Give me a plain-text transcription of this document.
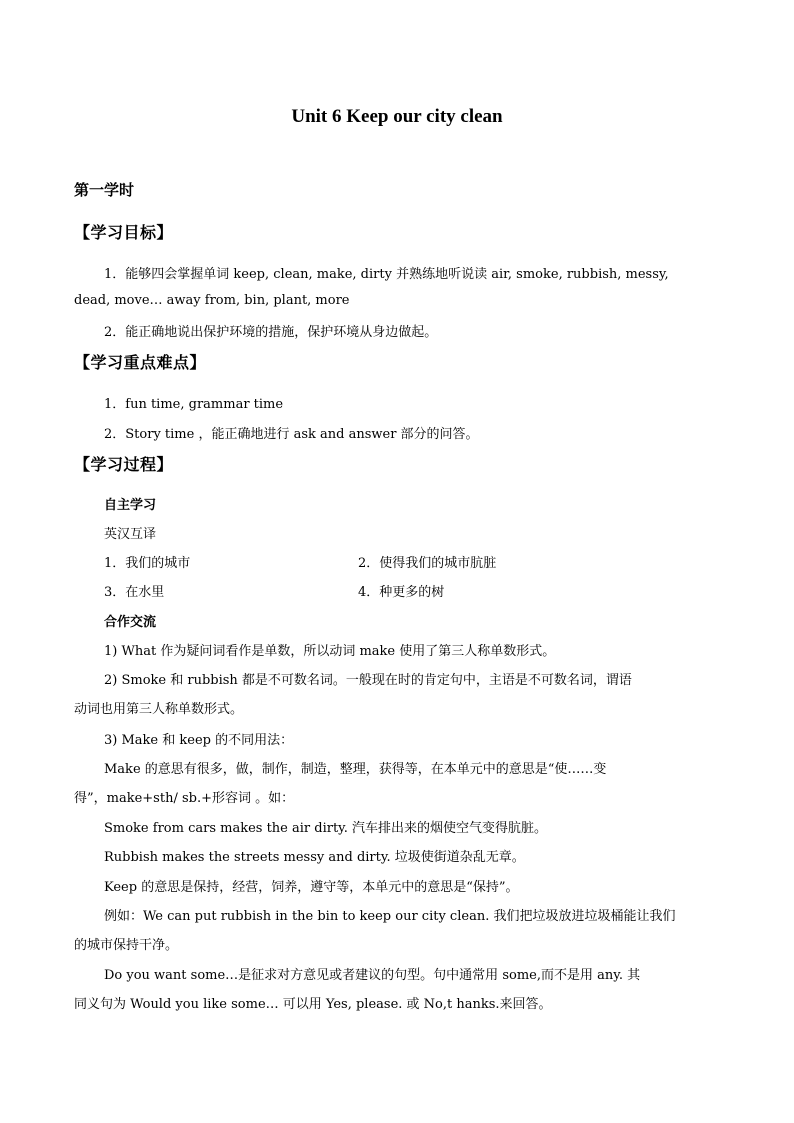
Unit 6 Keep our city clean
第一学时
【学习目标】
1．能够四会掌握单词 keep, clean, make, dirty 并熟练地听说读 air, smoke, rubbish, messy,
dead, move… away from, bin, plant, more
2．能正确地说出保护环境的措施，保护环境从身边做起。
【学习重点难点】
1．fun time, grammar time
2．Story time ，能正确地进行 ask and answer 部分的问答。
【学习过程】
自主学习
英汉互译
1．我们的城市	2．使得我们的城市肮脏
3．在水里	4．种更多的树
合作交流
1) What 作为疑问词看作是单数，所以动词 make 使用了第三人称单数形式。
2) Smoke 和 rubbish 都是不可数名词。一般现在时的肯定句中，主语是不可数名词，谓语
动词也用第三人称单数形式。
3) Make 和 keep 的不同用法：
Make 的意思有很多，做，制作，制造，整理，获得等，在本单元中的意思是“使……变
得”，make+sth/ sb.+形容词 。如：
Smoke from cars makes the air dirty. 汽车排出来的烟使空气变得肮脏。
Rubbish makes the streets messy and dirty. 垃圾使街道杂乱无章。
Keep 的意思是保持，经营，饲养，遵守等，本单元中的意思是“保持”。
例如：We can put rubbish in the bin to keep our city clean. 我们把垃圾放进垃圾桶能让我们
的城市保持干净。
Do you want some…是征求对方意见或者建议的句型。句中通常用 some,而不是用 any. 其
同义句为 Would you like some… 可以用 Yes, please. 或 No,t hanks.来回答。
